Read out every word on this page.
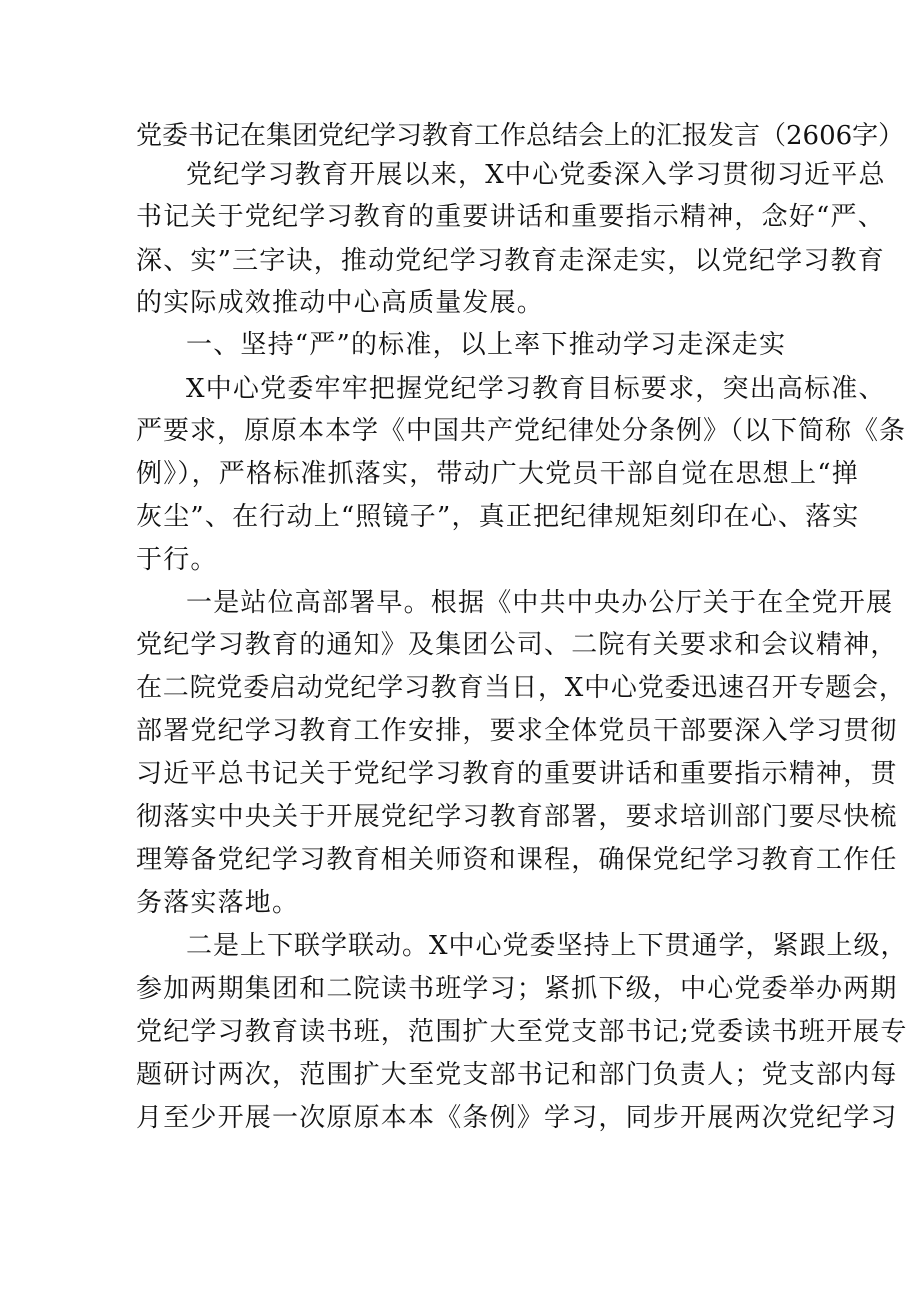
党委书记在集团党纪学习教育工作总结会上的汇报发言（2606字）
党纪学习教育开展以来，X中心党委深入学习贯彻习近平总
书记关于党纪学习教育的重要讲话和重要指示精神，念好“严、
深、实”三字诀，推动党纪学习教育走深走实，以党纪学习教育
的实际成效推动中心高质量发展。
一、坚持“严”的标准，以上率下推动学习走深走实
X中心党委牢牢把握党纪学习教育目标要求，突出高标准、
严要求，原原本本学《中国共产党纪律处分条例》（以下简称《条
例》），严格标准抓落实，带动广大党员干部自觉在思想上“掸
灰尘”、在行动上“照镜子”，真正把纪律规矩刻印在心、落实
于行。
一是站位高部署早。根据《中共中央办公厅关于在全党开展
党纪学习教育的通知》及集团公司、二院有关要求和会议精神，
在二院党委启动党纪学习教育当日，X中心党委迅速召开专题会，
部署党纪学习教育工作安排，要求全体党员干部要深入学习贯彻
习近平总书记关于党纪学习教育的重要讲话和重要指示精神，贯
彻落实中央关于开展党纪学习教育部署，要求培训部门要尽快梳
理筹备党纪学习教育相关师资和课程，确保党纪学习教育工作任
务落实落地。
二是上下联学联动。X中心党委坚持上下贯通学，紧跟上级，
参加两期集团和二院读书班学习；紧抓下级，中心党委举办两期
党纪学习教育读书班，范围扩大至党支部书记;党委读书班开展专
题研讨两次，范围扩大至党支部书记和部门负责人；党支部内每
月至少开展一次原原本本《条例》学习，同步开展两次党纪学习
